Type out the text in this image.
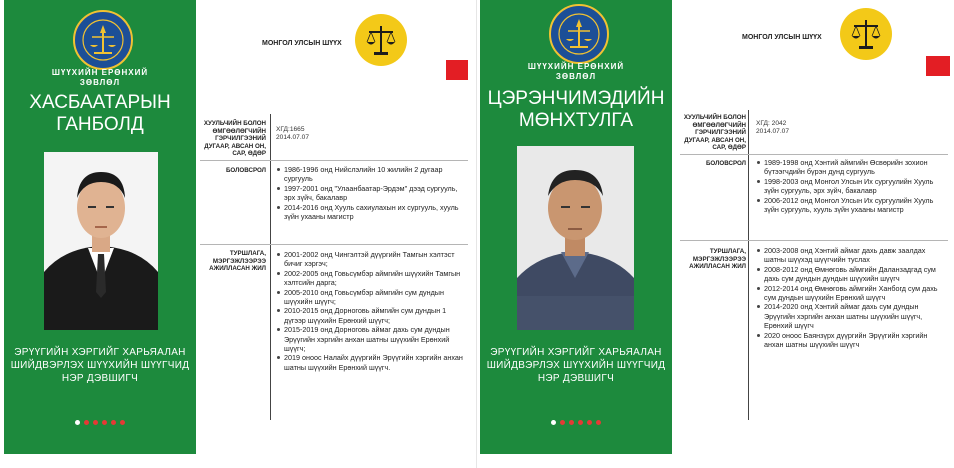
ШҮҮХИЙН ЕРӨНХИЙ
ЗӨВЛӨЛ
ХАСБААТАРЫН
ГАНБОЛД
ЭРҮҮГИЙН ХЭРГИЙГ ХАРЬЯАЛАН
ШИЙДВЭРЛЭХ ШҮҮХИЙН ШҮҮГЧИД
НЭР ДЭВШИГЧ
МОНГОЛ УЛСЫН ШҮҮХ
ХУУЛЬЧИЙН БОЛОН
ӨМГӨӨЛӨГЧИЙН
ГЭРЧИЛГЭЭНИЙ
ДУГААР, АВСАН ОН,
САР, ӨДӨР
ХГД:1665
2014.07.07
БОЛОВСРОЛ	1986-1996 онд Нийслэлийн 10 жилийн 2 дугаар сургууль
1997-2001 онд "Улаанбаатар-Эрдэм" дээд сургууль, эрх зүйч, бакалавр
2014-2016 онд Хууль сахиулахын их сургууль, хууль зүйн ухааны магистр
ТУРШЛАГА,
МЭРГЭЖЛЭЭРЭЭ
АЖИЛЛАСАН ЖИЛ
2001-2002 онд Чингэлтэй дүүргийн Тамгын хэлтэст бичиг хэргэч;
2002-2005 онд Говьсүмбэр аймгийн шүүхийн Тамгын хэлтсийн дарга;
2005-2010 онд Говьсүмбэр аймгийн сум дундын шүүхийн шүүгч;
2010-2015 онд Дорноговь аймгийн сум дундын 1 дүгээр шүүхийн Ерөнхий шүүгч;
2015-2019 онд Дорноговь аймаг дахь сум дундын Эрүүгийн хэргийн анхан шатны шүүхийн Ерөнхий шүүгч;
2019 оноос Налайх дүүргийн Эрүүгийн хэргийн анхан шатны шүүхийн Ерөнхий шүүгч.
ШҮҮХИЙН ЕРӨНХИЙ
ЗӨВЛӨЛ
ЦЭРЭНЧИМЭДИЙН
МӨНХТУЛГА
ЭРҮҮГИЙН ХЭРГИЙГ ХАРЬЯАЛАН
ШИЙДВЭРЛЭХ ШҮҮХИЙН ШҮҮГЧИД
НЭР ДЭВШИГЧ
МОНГОЛ УЛСЫН ШҮҮХ
ХУУЛЬЧИЙН БОЛОН
ӨМГӨӨЛӨГЧИЙН
ГЭРЧИЛГЭЭНИЙ
ДУГААР, АВСАН ОН,
САР, ӨДӨР
ХГД: 2042
2014.07.07
БОЛОВСРОЛ	1989-1998 онд Хэнтий аймгийн Өсвөрийн зохион бүтээгчдийн бүрэн дунд сургууль
1998-2003 онд Монгол Улсын Их сургуулийн Хууль зүйн сургууль, эрх зүйч, бакалавр
2006-2012 онд Монгол Улсын Их сургуулийн Хууль зүйн сургууль, хууль зүйн ухааны магистр
ТУРШЛАГА,
МЭРГЭЖЛЭЭРЭЭ
АЖИЛЛАСАН ЖИЛ
2003-2008 онд Хэнтий аймаг дахь давж заалдах шатны шүүхэд шүүгчийн туслах
2008-2012 онд Өмнөговь аймгийн Даланзадгад сум дахь сум дундын дундын шүүхийн шүүгч
2012-2014 онд Өмнөговь аймгийн Ханбогд сум дахь сум дундын шүүхийн Ерөнхий шүүгч
2014-2020 онд Хэнтий аймаг дахь сум дундын Эрүүгийн хэргийн анхан шатны шүүхийн шүүгч, Ерөнхий шүүгч
2020 оноос Баянзүрх дүүргийн Эрүүгийн хэргийн анхан шатны шүүхийн шүүгч
